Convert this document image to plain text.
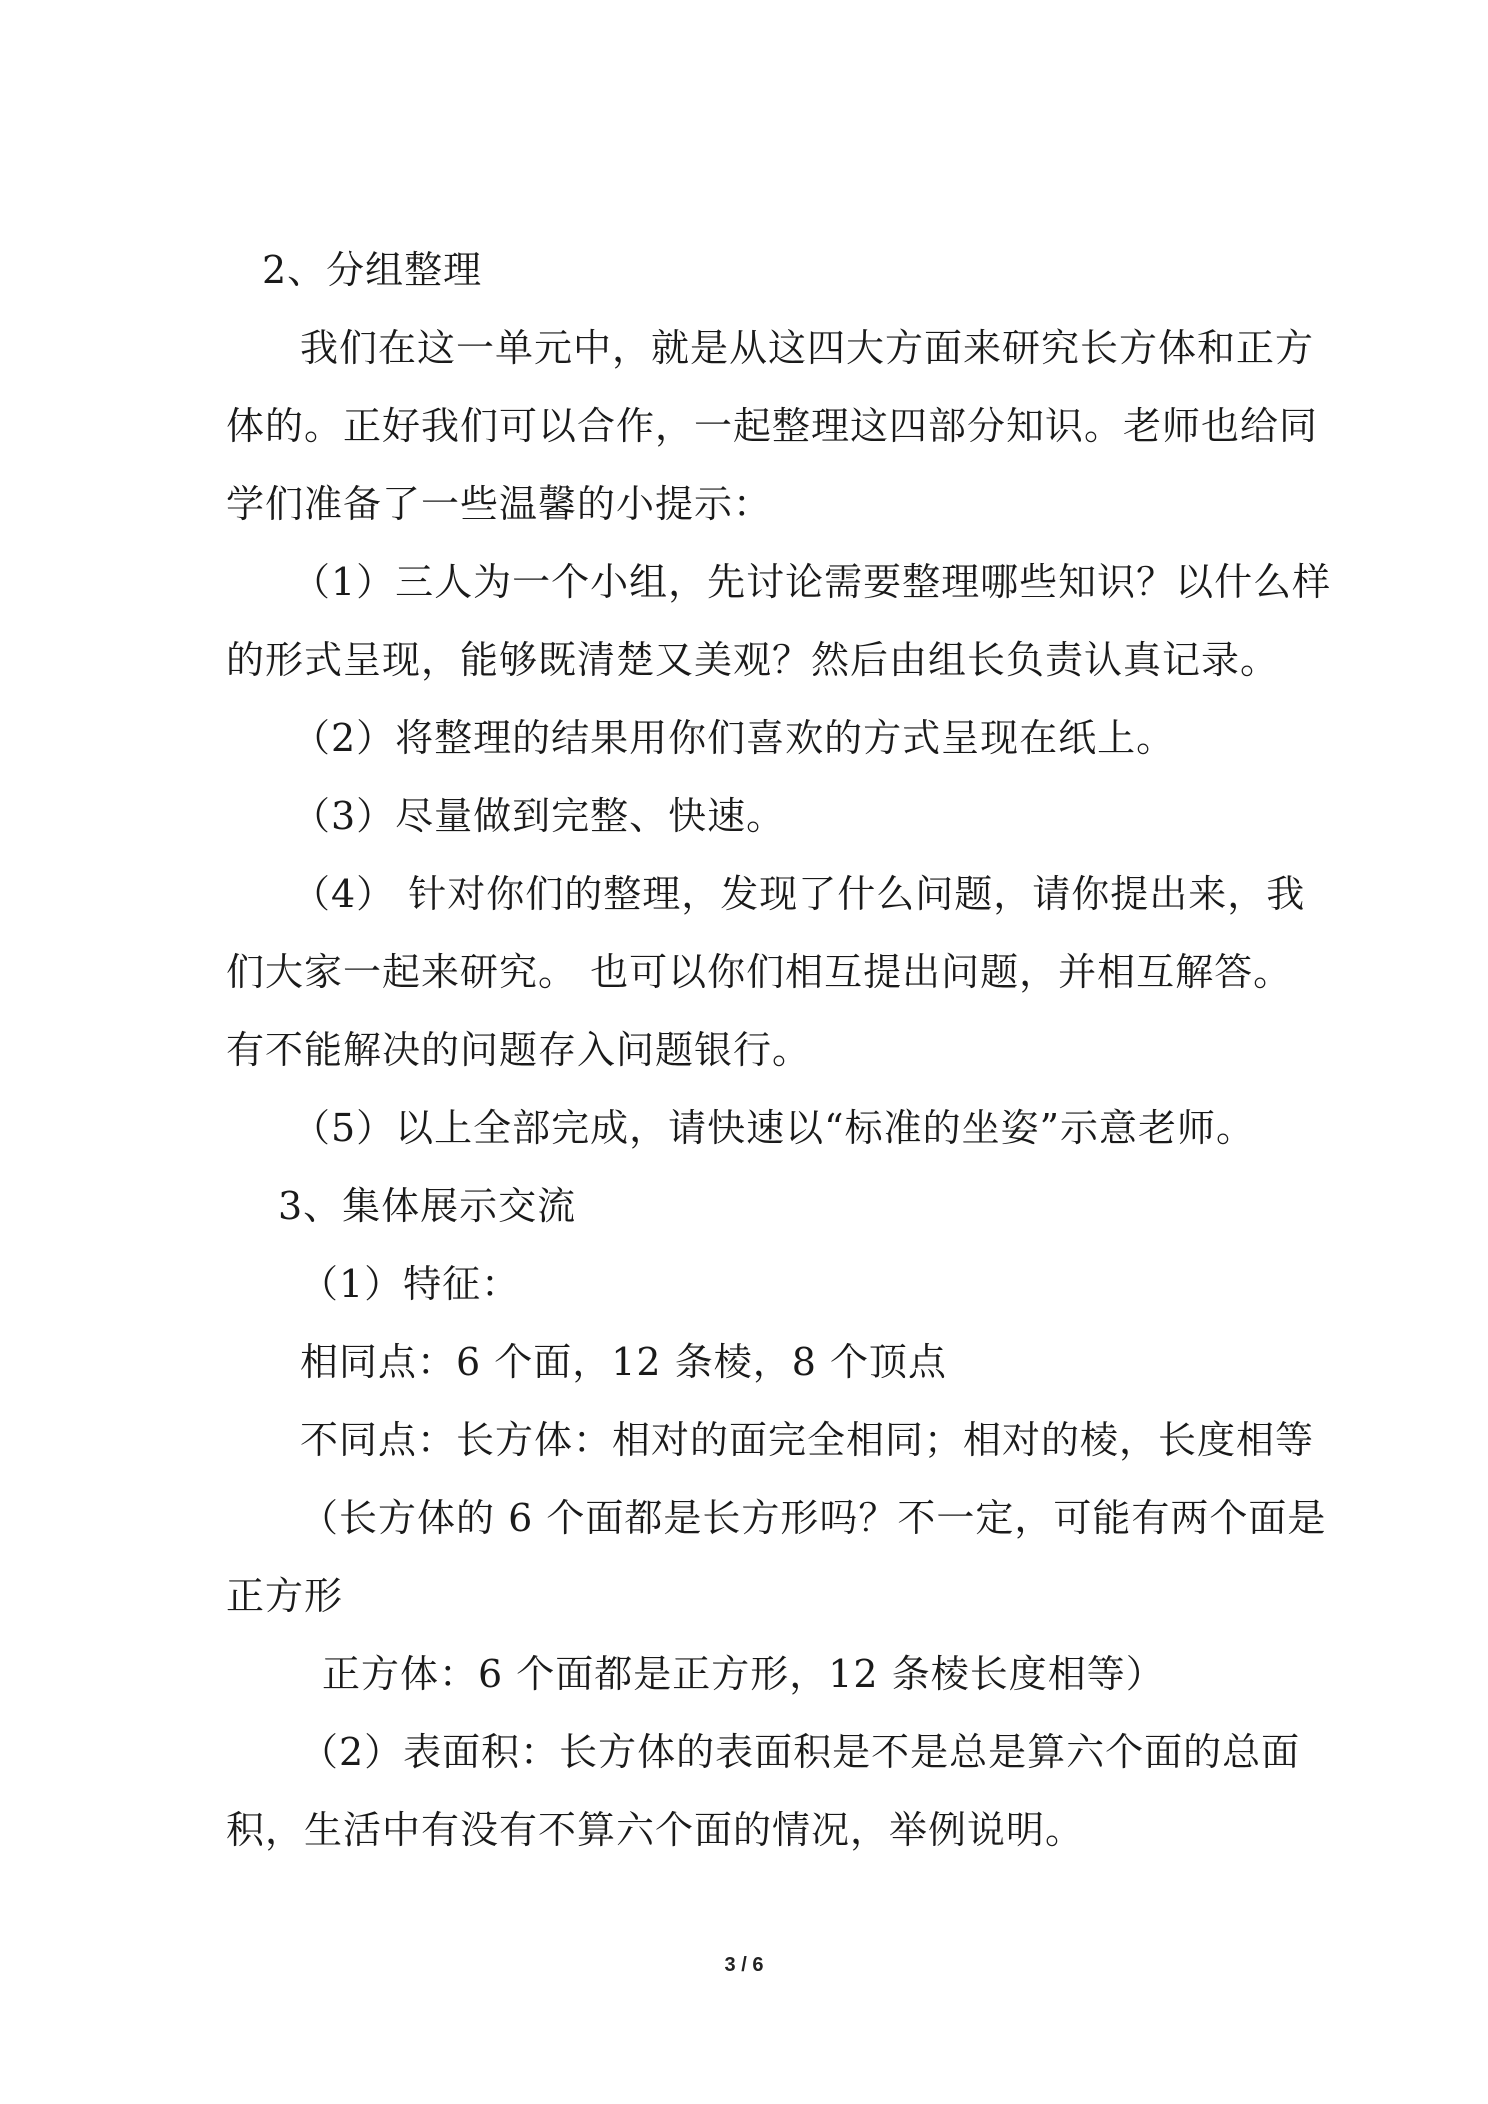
2、分组整理
我们在这一单元中，就是从这四大方面来研究长方体和正方
体的。正好我们可以合作，一起整理这四部分知识。老师也给同
学们准备了一些温馨的小提示：
（1）三人为一个小组，先讨论需要整理哪些知识？以什么样
的形式呈现，能够既清楚又美观？然后由组长负责认真记录。
（2）将整理的结果用你们喜欢的方式呈现在纸上。
（3）尽量做到完整、快速。
（4） 针对你们的整理，发现了什么问题，请你提出来，我
们大家一起来研究。 也可以你们相互提出问题，并相互解答。
有不能解决的问题存入问题银行。
（5）以上全部完成，请快速以“标准的坐姿”示意老师。
3、集体展示交流
（1）特征：
相同点：6 个面，12 条棱，8 个顶点
不同点：长方体：相对的面完全相同；相对的棱，长度相等
（长方体的 6 个面都是长方形吗？不一定，可能有两个面是
正方形
正方体：6 个面都是正方形，12 条棱长度相等）
（2）表面积：长方体的表面积是不是总是算六个面的总面
积，生活中有没有不算六个面的情况，举例说明。
3 / 6
